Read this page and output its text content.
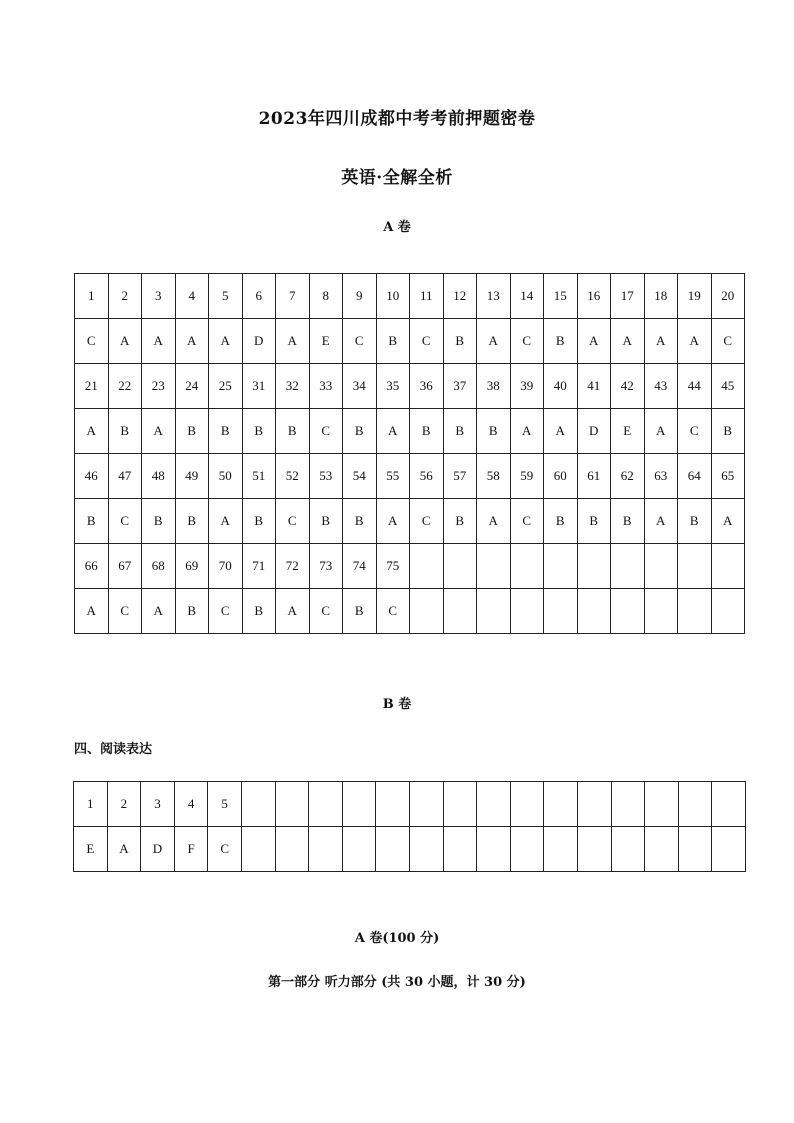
2023年四川成都中考考前押题密卷
英语·全解全析
A 卷
1	2	3	4	5	6	7	8	9	10	11	12	13	14	15	16	17	18	19	20
C	A	A	A	A	D	A	E	C	B	C	B	A	C	B	A	A	A	A	C
21	22	23	24	25	31	32	33	34	35	36	37	38	39	40	41	42	43	44	45
A	B	A	B	B	B	B	C	B	A	B	B	B	A	A	D	E	A	C	B
46	47	48	49	50	51	52	53	54	55	56	57	58	59	60	61	62	63	64	65
B	C	B	B	A	B	C	B	B	A	C	B	A	C	B	B	B	A	B	A
66	67	68	69	70	71	72	73	74	75										
A	C	A	B	C	B	A	C	B	C										
B 卷
四、阅读表达
1	2	3	4	5															
E	A	D	F	C															
A 卷(100 分)
第一部分 听力部分 (共 30 小题，计 30 分)
